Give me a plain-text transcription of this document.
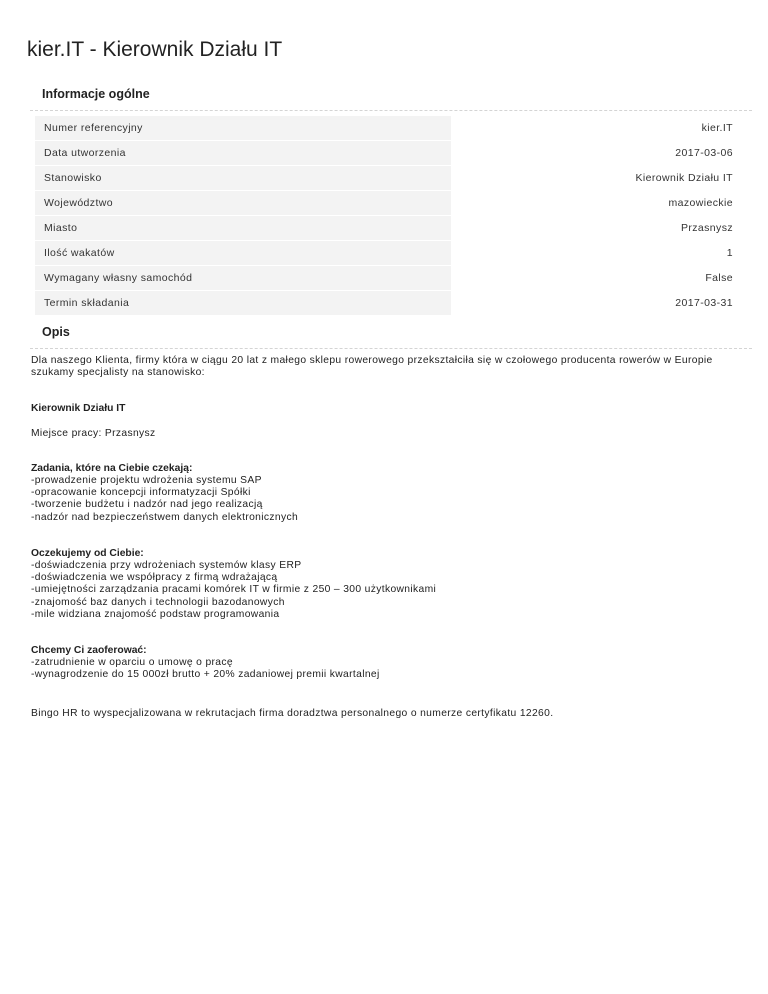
kier.IT - Kierownik Działu IT
Informacje ogólne
Numer referencyjny	kier.IT
Data utworzenia	2017-03-06
Stanowisko	Kierownik Działu IT
Województwo	mazowieckie
Miasto	Przasnysz
Ilość wakatów	1
Wymagany własny samochód	False
Termin składania	2017-03-31
Opis

Dla naszego Klienta, firmy która w ciągu 20 lat z małego sklepu rowerowego przekształciła się w czołowego producenta rowerów w Europie szukamy specjalisty na stanowisko:

Kierownik Działu IT

Miejsce pracy: Przasnysz

Zadania, które na Ciebie czekają:

-prowadzenie projektu wdrożenia systemu SAP
-opracowanie koncepcji informatyzacji Spółki
-tworzenie budżetu i nadzór nad jego realizacją
-nadzór nad bezpieczeństwem danych elektronicznych

Oczekujemy od Ciebie:

-doświadczenia przy wdrożeniach systemów klasy ERP
-doświadczenia we współpracy z firmą wdrażającą
-umiejętności zarządzania pracami komórek IT w firmie z 250 – 300 użytkownikami
-znajomość baz danych i technologii bazodanowych
-mile widziana znajomość podstaw programowania

Chcemy Ci zaoferować:

-zatrudnienie w oparciu o umowę o pracę
-wynagrodzenie do 15 000zł brutto + 20% zadaniowej premii kwartalnej

Bingo HR to wyspecjalizowana w rekrutacjach firma doradztwa personalnego o numerze certyfikatu 12260.
